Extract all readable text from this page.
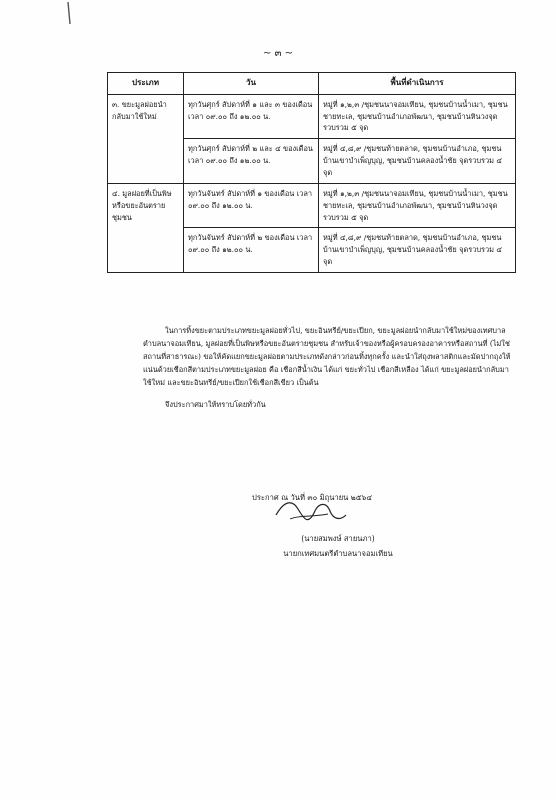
~ ๓ ~
ประเภท	วัน	พื้นที่ดำเนินการ
๓. ขยะมูลฝอยนำกลับมาใช้ใหม่	ทุกวันศุกร์ สัปดาห์ที่ ๑ และ ๓ ของเดือน เวลา ๐๙.๐๐ ถึง ๑๒.๐๐ น.	หมู่ที่ ๑,๒,๓ /ชุมชนนาจอมเทียน, ชุมชนบ้านน้ำเมา, ชุมชนชายทะเล, ชุมชนบ้านอำเภอพัฒนา, ชุมชนบ้านหินวงจุดรวบรวม ๕ จุด
	ทุกวันศุกร์ สัปดาห์ที่ ๒ และ ๔ ของเดือน เวลา ๐๙.๐๐ ถึง ๑๒.๐๐ น.	หมู่ที่ ๔,๘,๙ /ชุมชนท้ายตลาด, ชุมชนบ้านอำเภอ, ชุมชนบ้านเขาบำเพ็ญบุญ, ชุมชนบ้านคลองน้ำชัย จุดรวบรวม ๔ จุด
๔. มูลฝอยที่เป็นพิษหรือขยะอันตรายชุมชน	ทุกวันจันทร์ สัปดาห์ที่ ๑ ของเดือน เวลา ๐๙.๐๐ ถึง ๑๒.๐๐ น.	หมู่ที่ ๑,๒,๓ /ชุมชนนาจอมเทียน, ชุมชนบ้านน้ำเมา, ชุมชนชายทะเล, ชุมชนบ้านอำเภอพัฒนา, ชุมชนบ้านหินวงจุดรวบรวม ๕ จุด
	ทุกวันจันทร์ สัปดาห์ที่ ๒ ของเดือน เวลา ๐๙.๐๐ ถึง ๑๒.๐๐ น.	หมู่ที่ ๔,๘,๙ /ชุมชนท้ายตลาด, ชุมชนบ้านอำเภอ, ชุมชนบ้านเขาบำเพ็ญบุญ, ชุมชนบ้านคลองน้ำชัย จุดรวบรวม ๔ จุด

ในการทิ้งขยะตามประเภทขยะมูลฝอยทั่วไป, ขยะอินทรีย์/ขยะเปียก, ขยะมูลฝอยนำกลับมาใช้ใหม่ของเทศบาลตำบลนาจอมเทียน, มูลฝอยที่เป็นพิษหรือขยะอันตรายชุมชน สำหรับเจ้าของหรือผู้ครอบครองอาคารหรือสถานที่ (ไม่ใช่สถานที่สาธารณะ) ขอให้คัดแยกขยะมูลฝอยตามประเภทดังกล่าวก่อนทิ้งทุกครั้ง และนำใส่ถุงพลาสติกและมัดปากถุงให้แน่นด้วยเชือกสีตามประเภทขยะมูลฝอย คือ เชือกสีน้ำเงิน ได้แก่ ขยะทั่วไป เชือกสีเหลือง ได้แก่ ขยะมูลฝอยนำกลับมาใช้ใหม่ และขยะอินทรีย์/ขยะเปียกใช้เชือกสีเขียว เป็นต้น

จึงประกาศมาให้ทราบโดยทั่วกัน

ประกาศ ณ วันที่ ๓๐ มิถุนายน ๒๕๖๔
(นายสมพงษ์ สายนภา)
นายกเทศมนตรีตำบลนาจอมเทียน
